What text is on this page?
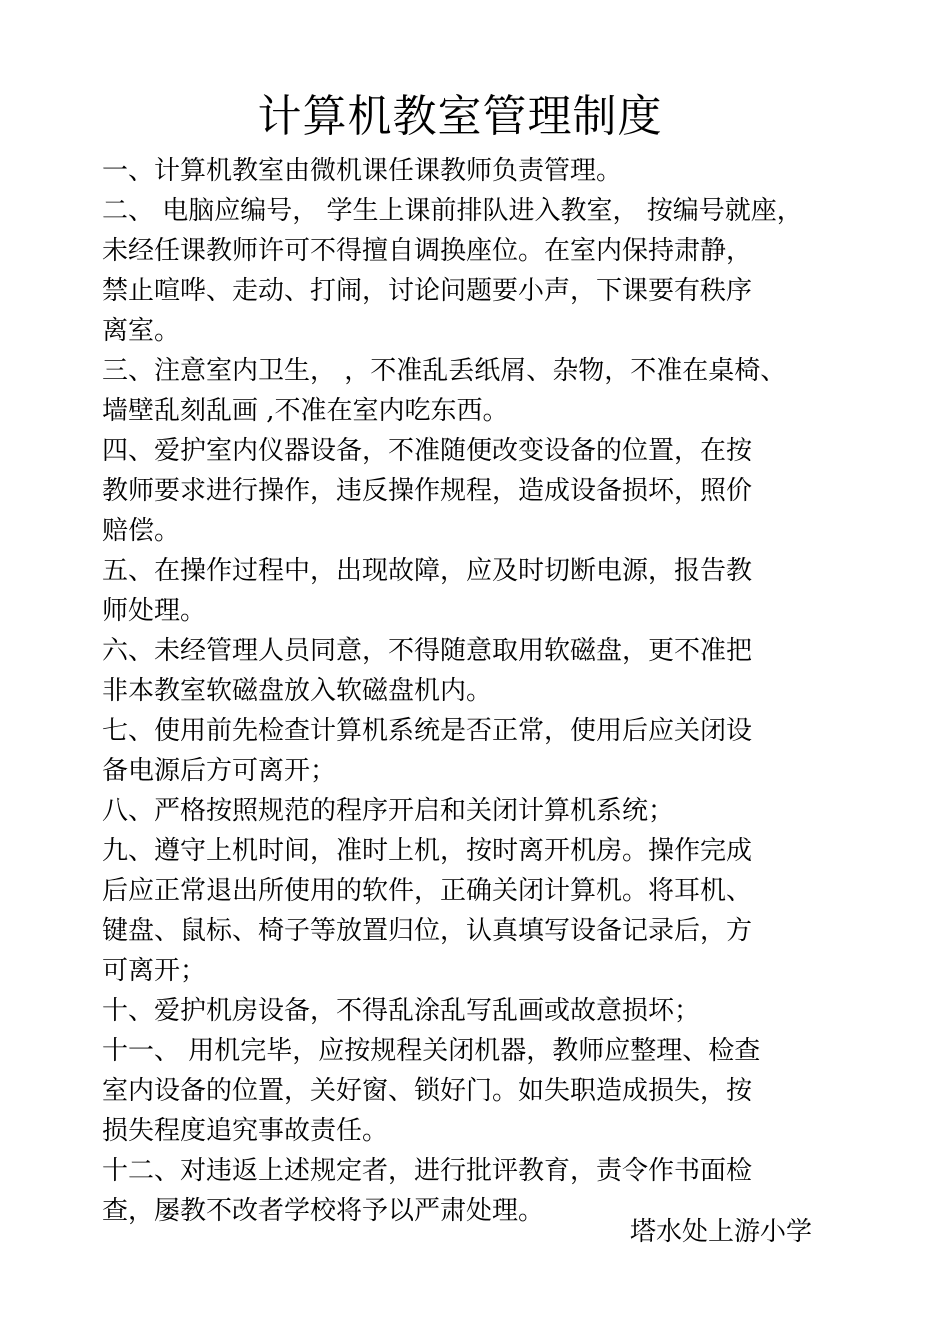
计算机教室管理制度
一、计算机教室由微机课任课教师负责管理。
二、 电脑应编号， 学生上课前排队进入教室， 按编号就座，
未经任课教师许可不得擅自调换座位。在室内保持肃静，
禁止喧哗、走动、打闹，讨论问题要小声，下课要有秩序
离室。
三、注意室内卫生， ，不准乱丢纸屑、杂物，不准在桌椅、
墙壁乱刻乱画 ,不准在室内吃东西。
四、爱护室内仪器设备，不准随便改变设备的位置，在按
教师要求进行操作，违反操作规程，造成设备损坏，照价
赔偿。
五、在操作过程中，出现故障，应及时切断电源，报告教
师处理。
六、未经管理人员同意，不得随意取用软磁盘，更不准把
非本教室软磁盘放入软磁盘机内。
七、使用前先检查计算机系统是否正常，使用后应关闭设
备电源后方可离开；
八、严格按照规范的程序开启和关闭计算机系统；
九、遵守上机时间，准时上机，按时离开机房。操作完成
后应正常退出所使用的软件，正确关闭计算机。将耳机、
键盘、鼠标、椅子等放置归位，认真填写设备记录后，方
可离开；
十、爱护机房设备，不得乱涂乱写乱画或故意损坏；
十一、 用机完毕，应按规程关闭机器，教师应整理、检查
室内设备的位置，关好窗、锁好门。如失职造成损失，按
损失程度追究事故责任。
十二、对违返上述规定者，进行批评教育，责令作书面检
查，屡教不改者学校将予以严肃处理。
塔水处上游小学
